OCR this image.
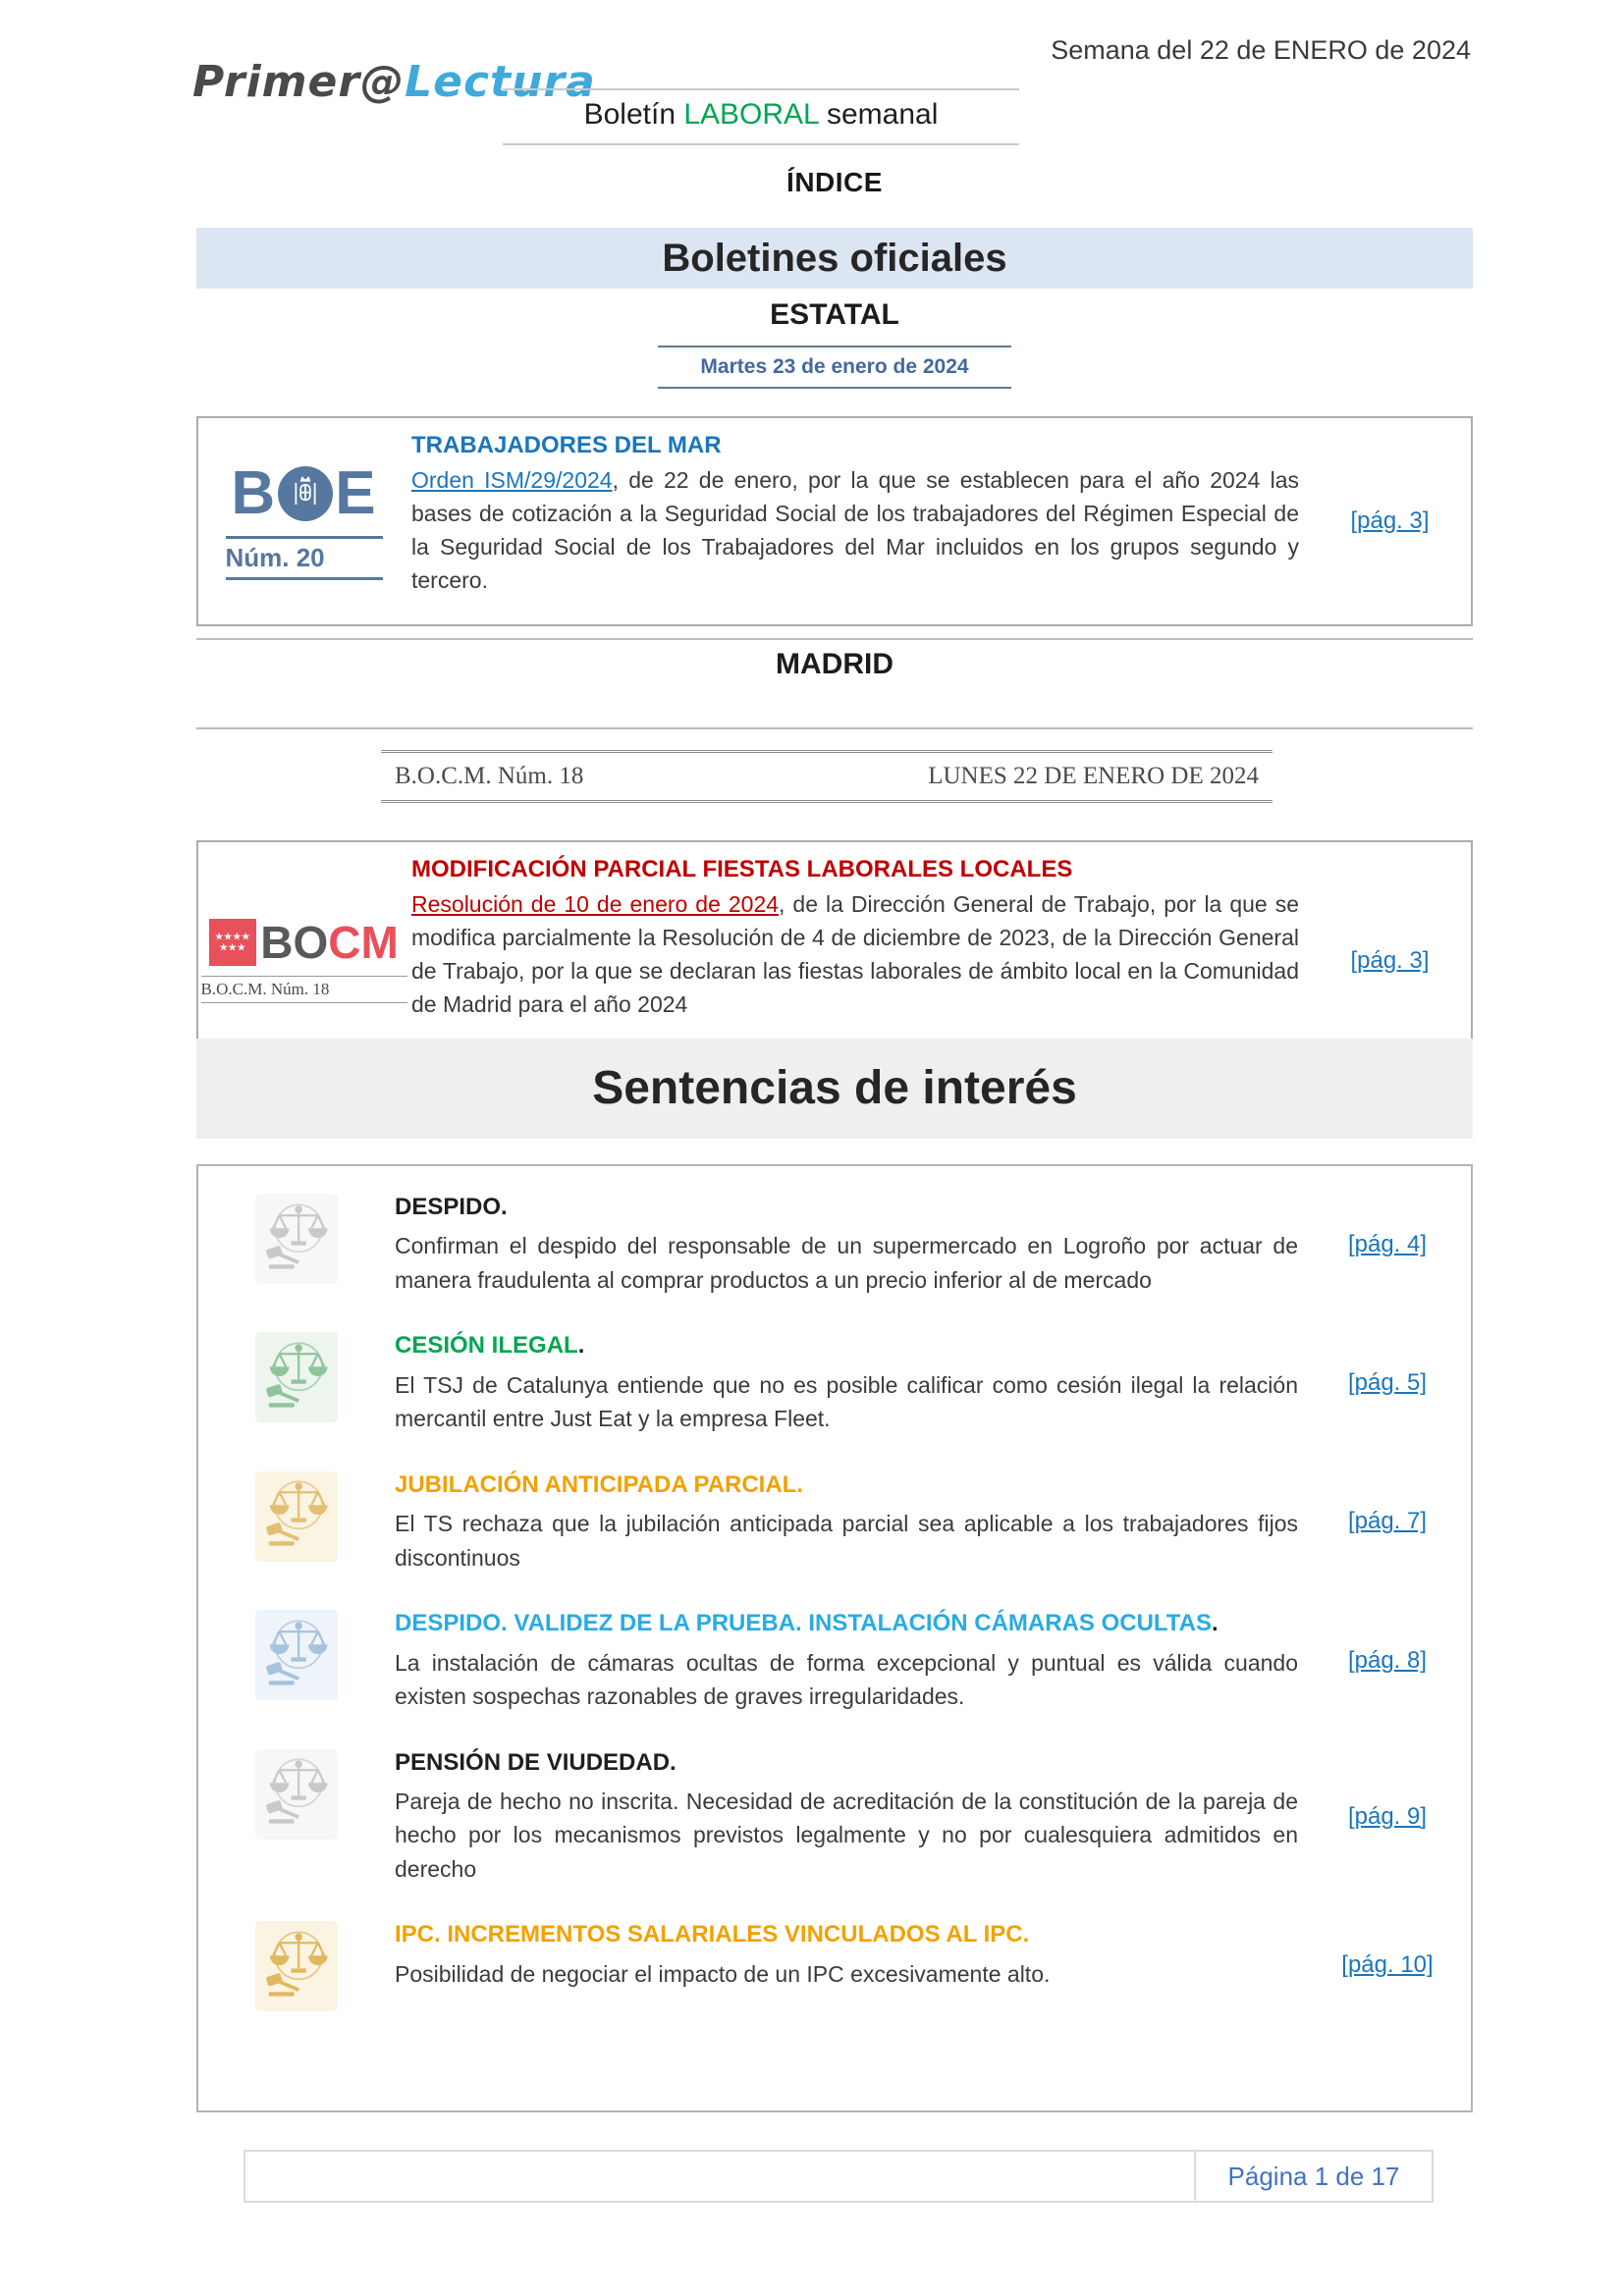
Primer@Lectura
Boletín LABORAL semanal
Semana del 22 de ENERO de 2024
ÍNDICE
Boletines oficiales
ESTATAL
Martes 23 de enero de 2024
B E
Núm. 20

TRABAJADORES DEL MAR

Orden ISM/29/2024, de 22 de enero, por la que se establecen para el año 2024 las bases de cotización a la Seguridad Social de los trabajadores del Régimen Especial de la Seguridad Social de los Trabajadores del Mar incluidos en los grupos segundo y tercero.

[pág. 3]
MADRID
B.O.C.M. Núm. 18	LUNES 22 DE ENERO DE 2024
★★★★
★★★ BO CM
B.O.C.M. Núm. 18

MODIFICACIÓN PARCIAL FIESTAS LABORALES LOCALES

Resolución de 10 de enero de 2024, de la Dirección General de Trabajo, por la que se modifica parcialmente la Resolución de 4 de diciembre de 2023, de la Dirección General de Trabajo, por la que se declaran las fiestas laborales de ámbito local en la Comunidad de Madrid para el año 2024

[pág. 3]
Sentencias de interés

DESPIDO.

Confirman el despido del responsable de un supermercado en Logroño por actuar de manera fraudulenta al comprar productos a un precio inferior al de mercado

[pág. 4]

CESIÓN ILEGAL.

El TSJ de Catalunya entiende que no es posible calificar como cesión ilegal la relación mercantil entre Just Eat y la empresa Fleet.

[pág. 5]

JUBILACIÓN ANTICIPADA PARCIAL.

El TS rechaza que la jubilación anticipada parcial sea aplicable a los trabajadores fijos discontinuos

[pág. 7]

DESPIDO. VALIDEZ DE LA PRUEBA. INSTALACIÓN CÁMARAS OCULTAS.

La instalación de cámaras ocultas de forma excepcional y puntual es válida cuando existen sospechas razonables de graves irregularidades.

[pág. 8]

PENSIÓN DE VIUDEDAD.

Pareja de hecho no inscrita. Necesidad de acreditación de la constitución de la pareja de hecho por los mecanismos previstos legalmente y no por cualesquiera admitidos en derecho

[pág. 9]

IPC. INCREMENTOS SALARIALES VINCULADOS AL IPC.

Posibilidad de negociar el impacto de un IPC excesivamente alto.	[pág. 10]
Página 1 de 17
